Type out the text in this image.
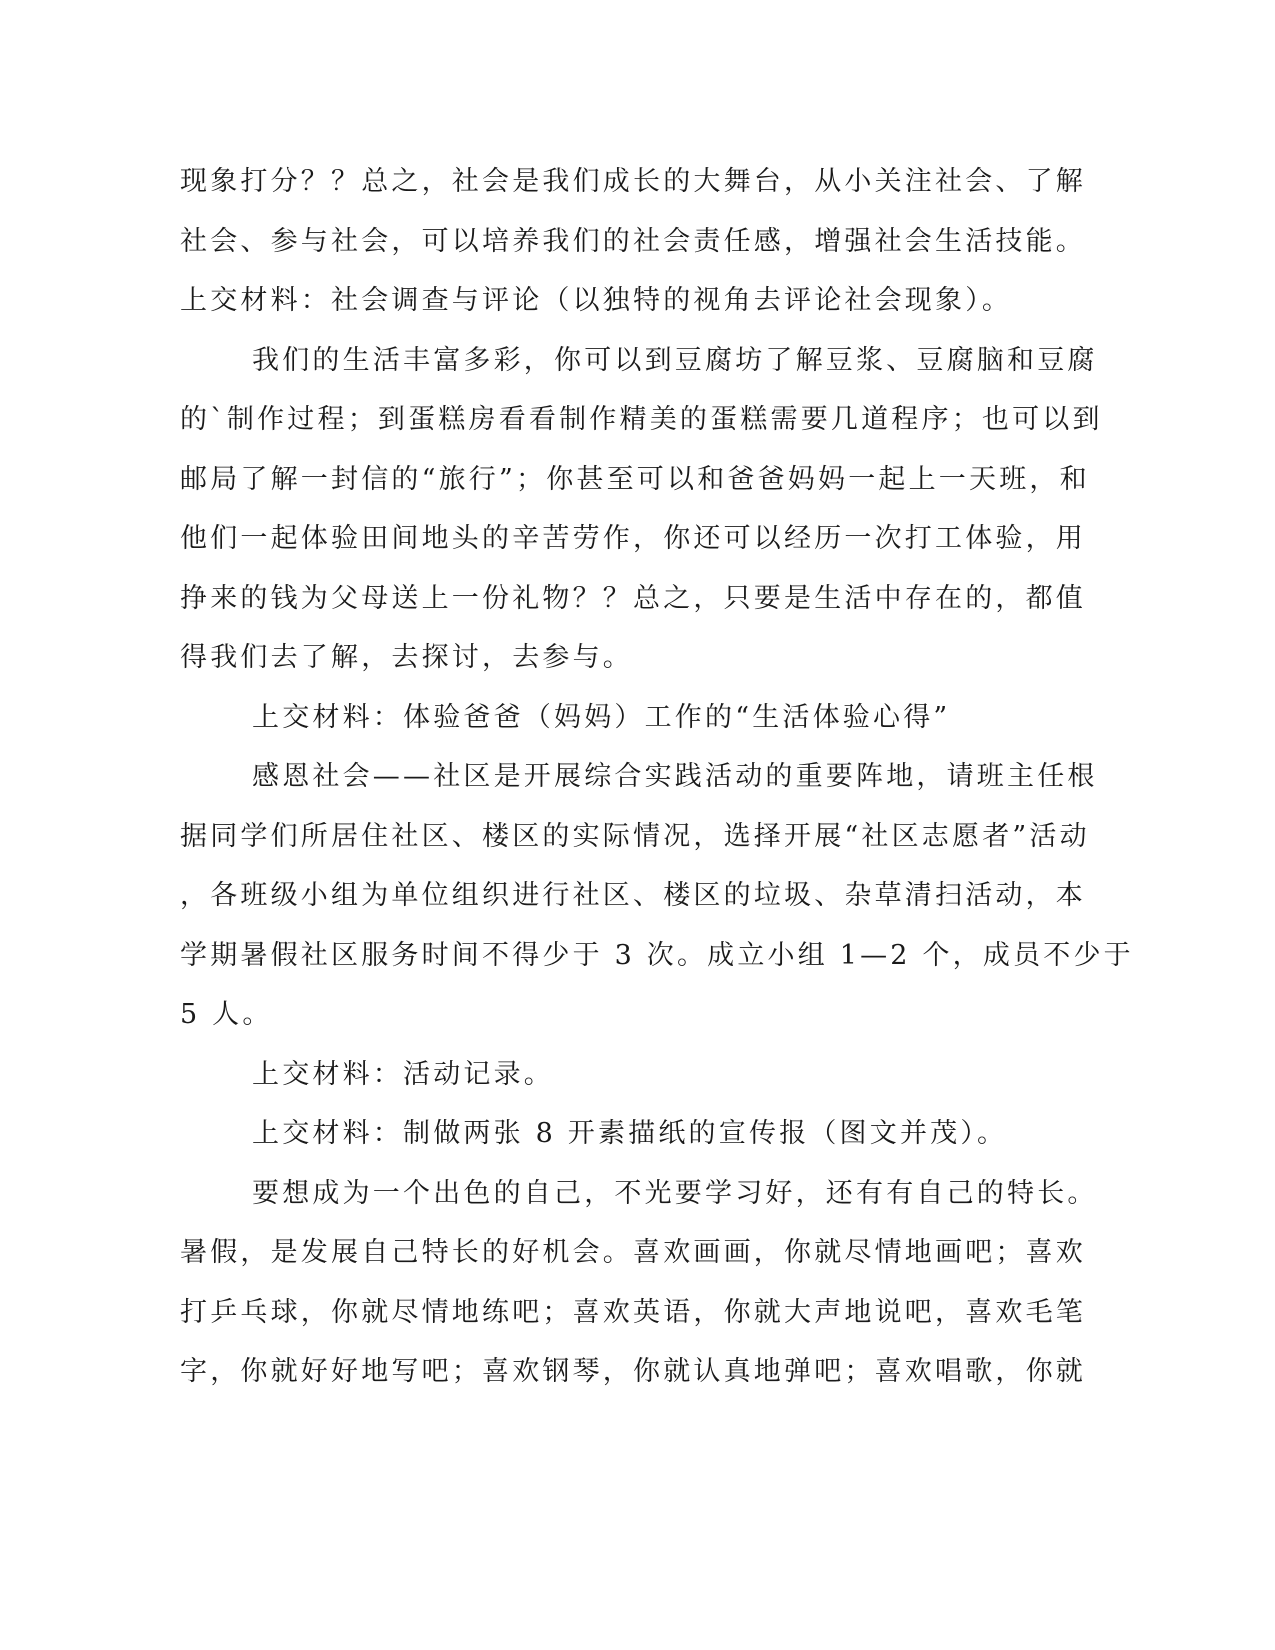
现象打分？？总之，社会是我们成长的大舞台，从小关注社会、了解
社会、参与社会，可以培养我们的社会责任感，增强社会生活技能。
上交材料：社会调查与评论（以独特的视角去评论社会现象）。
我们的生活丰富多彩，你可以到豆腐坊了解豆浆、豆腐脑和豆腐
的`制作过程；到蛋糕房看看制作精美的蛋糕需要几道程序；也可以到
邮局了解一封信的“旅行”；你甚至可以和爸爸妈妈一起上一天班，和
他们一起体验田间地头的辛苦劳作，你还可以经历一次打工体验，用
挣来的钱为父母送上一份礼物？？总之，只要是生活中存在的，都值
得我们去了解，去探讨，去参与。
上交材料：体验爸爸（妈妈）工作的“生活体验心得”
感恩社会——社区是开展综合实践活动的重要阵地，请班主任根
据同学们所居住社区、楼区的实际情况，选择开展“社区志愿者”活动
，各班级小组为单位组织进行社区、楼区的垃圾、杂草清扫活动，本
学期暑假社区服务时间不得少于 3 次。成立小组 1—2 个，成员不少于
5 人。
上交材料：活动记录。
上交材料：制做两张 8 开素描纸的宣传报（图文并茂）。
要想成为一个出色的自己，不光要学习好，还有有自己的特长。
暑假，是发展自己特长的好机会。喜欢画画，你就尽情地画吧；喜欢
打乒乓球，你就尽情地练吧；喜欢英语，你就大声地说吧，喜欢毛笔
字，你就好好地写吧；喜欢钢琴，你就认真地弹吧；喜欢唱歌，你就
